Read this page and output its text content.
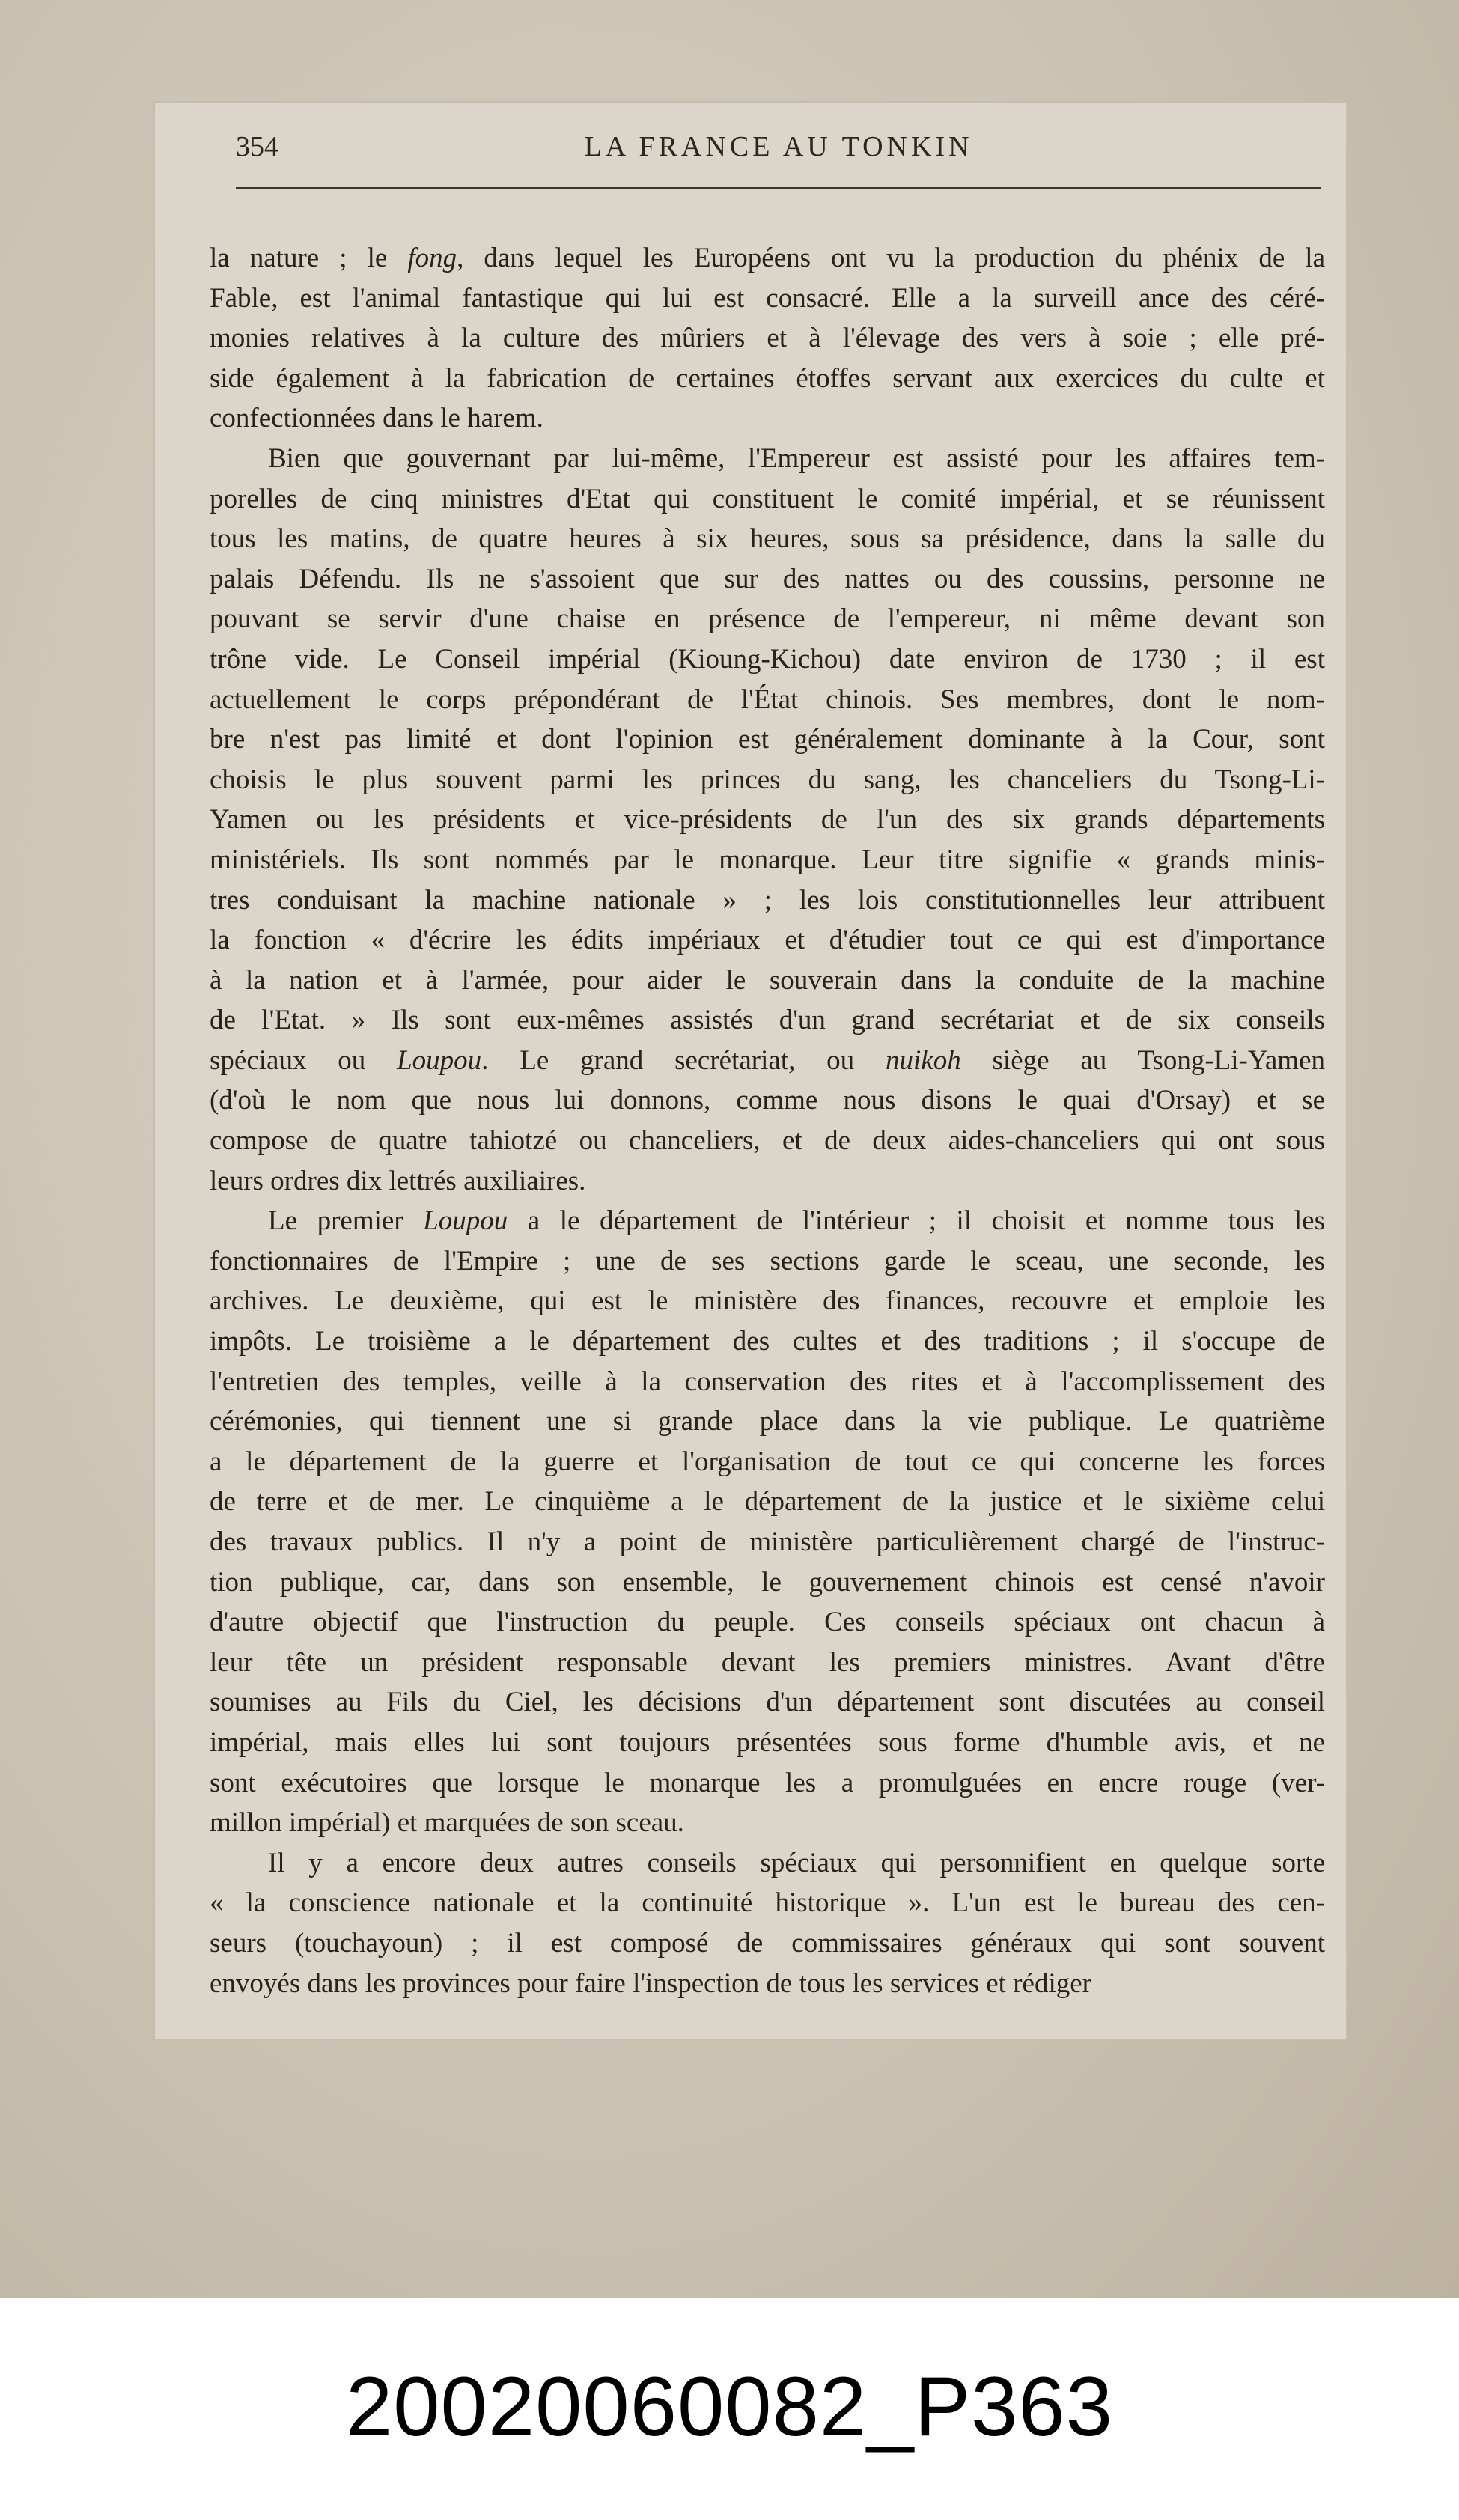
354	LA FRANCE AU TONKIN
la nature ; le fong, dans lequel les Européens ont vu la production du phénix de la
Fable, est l'animal fantastique qui lui est consacré. Elle a la surveill ance des céré-
monies relatives à la culture des mûriers et à l'élevage des vers à soie ; elle pré-
side également à la fabrication de certaines étoffes servant aux exercices du culte et
confectionnées dans le harem.
Bien que gouvernant par lui-même, l'Empereur est assisté pour les affaires tem-
porelles de cinq ministres d'Etat qui constituent le comité impérial, et se réunissent
tous les matins, de quatre heures à six heures, sous sa présidence, dans la salle du
palais Défendu. Ils ne s'assoient que sur des nattes ou des coussins, personne ne
pouvant se servir d'une chaise en présence de l'empereur, ni même devant son
trône vide. Le Conseil impérial (Kioung-Kichou) date environ de 1730 ; il est
actuellement le corps prépondérant de l'État chinois. Ses membres, dont le nom-
bre n'est pas limité et dont l'opinion est généralement dominante à la Cour, sont
choisis le plus souvent parmi les princes du sang, les chanceliers du Tsong-Li-
Yamen ou les présidents et vice-présidents de l'un des six grands départements
ministériels. Ils sont nommés par le monarque. Leur titre signifie « grands minis-
tres conduisant la machine nationale » ; les lois constitutionnelles leur attribuent
la fonction « d'écrire les édits impériaux et d'étudier tout ce qui est d'importance
à la nation et à l'armée, pour aider le souverain dans la conduite de la machine
de l'Etat. » Ils sont eux-mêmes assistés d'un grand secrétariat et de six conseils
spéciaux ou Loupou. Le grand secrétariat, ou nuikoh siège au Tsong-Li-Yamen
(d'où le nom que nous lui donnons, comme nous disons le quai d'Orsay) et se
compose de quatre tahiotzé ou chanceliers, et de deux aides-chanceliers qui ont sous
leurs ordres dix lettrés auxiliaires.
Le premier Loupou a le département de l'intérieur ; il choisit et nomme tous les
fonctionnaires de l'Empire ; une de ses sections garde le sceau, une seconde, les
archives. Le deuxième, qui est le ministère des finances, recouvre et emploie les
impôts. Le troisième a le département des cultes et des traditions ; il s'occupe de
l'entretien des temples, veille à la conservation des rites et à l'accomplissement des
cérémonies, qui tiennent une si grande place dans la vie publique. Le quatrième
a le département de la guerre et l'organisation de tout ce qui concerne les forces
de terre et de mer. Le cinquième a le département de la justice et le sixième celui
des travaux publics. Il n'y a point de ministère particulièrement chargé de l'instruc-
tion publique, car, dans son ensemble, le gouvernement chinois est censé n'avoir
d'autre objectif que l'instruction du peuple. Ces conseils spéciaux ont chacun à
leur tête un président responsable devant les premiers ministres. Avant d'être
soumises au Fils du Ciel, les décisions d'un département sont discutées au conseil
impérial, mais elles lui sont toujours présentées sous forme d'humble avis, et ne
sont exécutoires que lorsque le monarque les a promulguées en encre rouge (ver-
millon impérial) et marquées de son sceau.
Il y a encore deux autres conseils spéciaux qui personnifient en quelque sorte
« la conscience nationale et la continuité historique ». L'un est le bureau des cen-
seurs (touchayoun) ; il est composé de commissaires généraux qui sont souvent
envoyés dans les provinces pour faire l'inspection de tous les services et rédiger
20020060082_P363
